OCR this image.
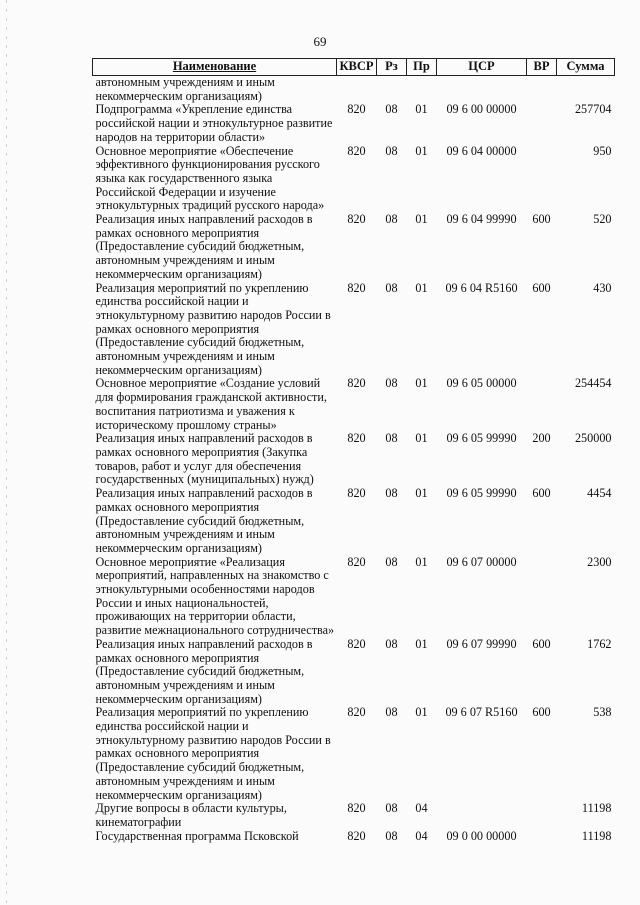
69
Наименование	КВСР	Рз	Пр	ЦСР	ВР	Сумма
автономным учреждениям и иным некоммерческим организациям)						
Подпрограмма «Укрепление единства российской нации и этнокультурное развитие народов на территории области»	820	08	01	09 6 00 00000		257704
Основное мероприятие «Обеспечение эффективного функционирования русского языка как государственного языка Российской Федерации и изучение этнокультурных традиций русского народа»	820	08	01	09 6 04 00000		950
Реализация иных направлений расходов в рамках основного мероприятия (Предоставление субсидий бюджетным, автономным учреждениям и иным некоммерческим организациям)	820	08	01	09 6 04 99990	600	520
Реализация мероприятий по укреплению единства российской нации и этнокультурному развитию народов России в рамках основного мероприятия (Предоставление субсидий бюджетным, автономным учреждениям и иным некоммерческим организациям)	820	08	01	09 6 04 R5160	600	430
Основное мероприятие «Создание условий для формирования гражданской активности, воспитания патриотизма и уважения к историческому прошлому страны»	820	08	01	09 6 05 00000		254454
Реализация иных направлений расходов в рамках основного мероприятия (Закупка товаров, работ и услуг для обеспечения государственных (муниципальных) нужд)	820	08	01	09 6 05 99990	200	250000
Реализация иных направлений расходов в рамках основного мероприятия (Предоставление субсидий бюджетным, автономным учреждениям и иным некоммерческим организациям)	820	08	01	09 6 05 99990	600	4454
Основное мероприятие «Реализация мероприятий, направленных на знакомство с этнокультурными особенностями народов России и иных национальностей, проживающих на территории области, развитие межнационального сотрудничества»	820	08	01	09 6 07 00000		2300
Реализация иных направлений расходов в рамках основного мероприятия (Предоставление субсидий бюджетным, автономным учреждениям и иным некоммерческим организациям)	820	08	01	09 6 07 99990	600	1762
Реализация мероприятий по укреплению единства российской нации и этнокультурному развитию народов России в рамках основного мероприятия (Предоставление субсидий бюджетным, автономным учреждениям и иным некоммерческим организациям)	820	08	01	09 6 07 R5160	600	538
Другие вопросы в области культуры, кинематографии	820	08	04			11198
Государственная программа Псковской	820	08	04	09 0 00 00000		11198
